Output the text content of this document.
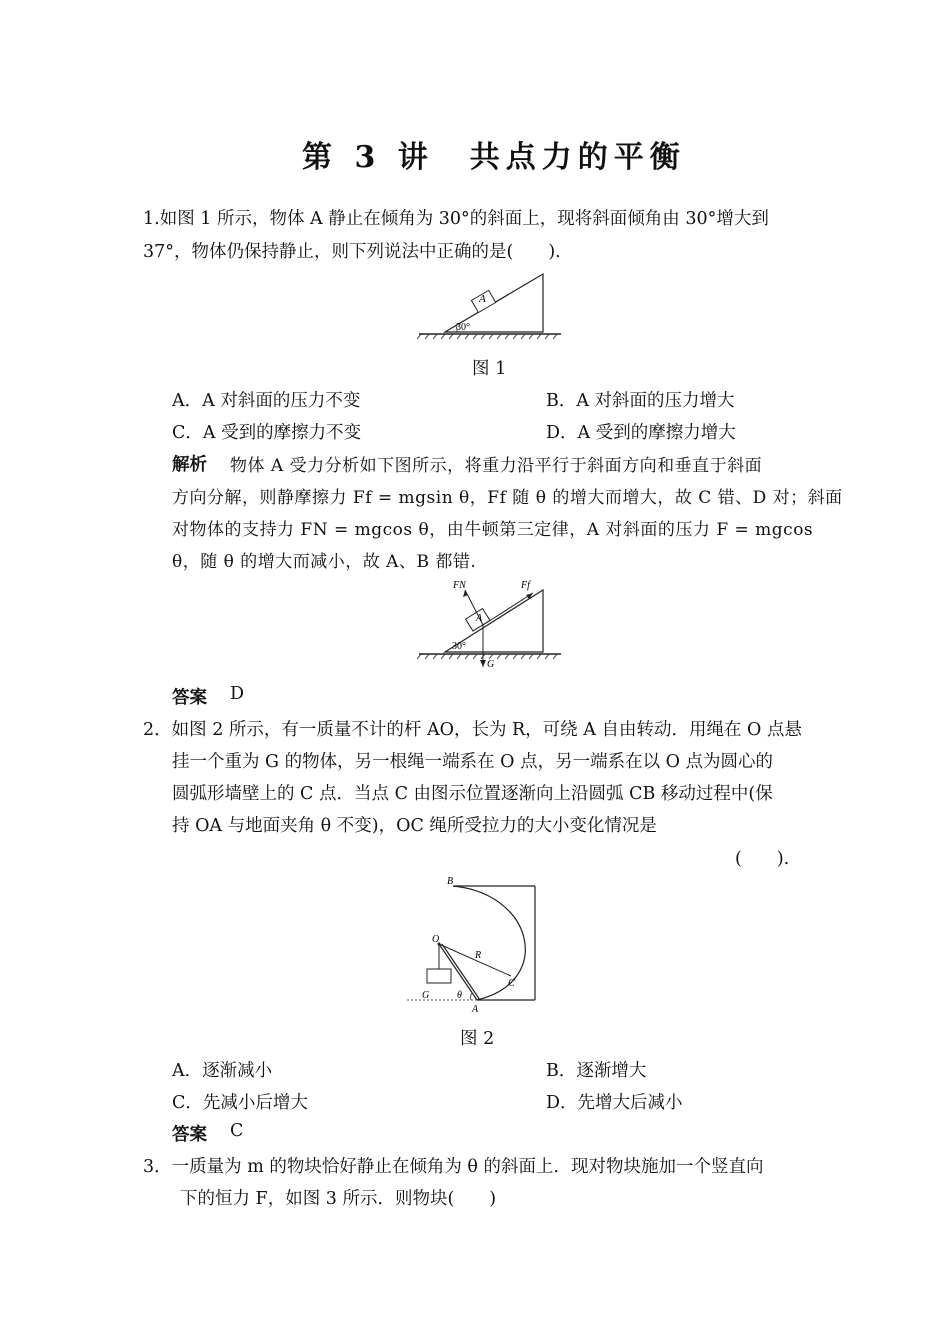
第 3 讲　共点力的平衡
1.如图 1 所示，物体 A 静止在倾角为 30°的斜面上，现将斜面倾角由 30°增大到
37°，物体仍保持静止，则下列说法中正确的是(　　).
A
30°
图 1
A．A 对斜面的压力不变	B．A 对斜面的压力增大
C．A 受到的摩擦力不变	D．A 受到的摩擦力增大
解析 物体 A 受力分析如下图所示，将重力沿平行于斜面方向和垂直于斜面
方向分解，则静摩擦力 Ff = mgsin θ，Ff 随 θ 的增大而增大，故 C 错、D 对；斜面
对物体的支持力 FN = mgcos θ，由牛顿第三定律，A 对斜面的压力 F = mgcos
θ，随 θ 的增大而减小，故 A、B 都错.
FN	Ff
G
A
30°
答案 D
2．如图 2 所示，有一质量不计的杆 AO，长为 R，可绕 A 自由转动．用绳在 O 点悬
挂一个重为 G 的物体，另一根绳一端系在 O 点，另一端系在以 O 点为圆心的
圆弧形墙壁上的 C 点．当点 C 由图示位置逐渐向上沿圆弧 CB 移动过程中(保
持 OA 与地面夹角 θ 不变)，OC 绳所受拉力的大小变化情况是
(　　).
B
O
R
C
G	θ
A
图 2
A．逐渐减小	B．逐渐增大
C．先减小后增大	D．先增大后减小
答案 C
3．一质量为 m 的物块恰好静止在倾角为 θ 的斜面上．现对物块施加一个竖直向
下的恒力 F，如图 3 所示．则物块(　　)
